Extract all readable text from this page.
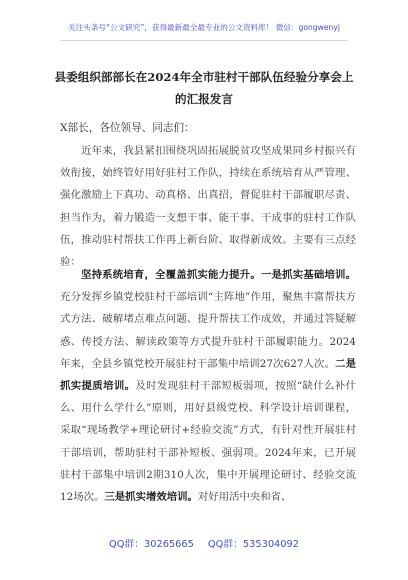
关注头条号“公文研究”，获得最新最全最专业的公文资料库！ 微信：gongwenyj
县委组织部部长在2024年全市驻村干部队伍经验分享会上
的汇报发言
X部长，各位领导、同志们：
近年来，我县紧扣围绕巩固拓展脱贫攻坚成果同乡村振兴有效衔接，始终管好用好驻村工作队，持续在系统培育从严管理、强化激励上下真功、动真格、出真招，督促驻村干部履职尽责、担当作为，着力锻造一支想干事、能干事、干成事的驻村工作队伍，推动驻村帮扶工作再上新台阶、取得新成效。主要有三点经验：
坚持系统培育，全覆盖抓实能力提升。一是抓实基础培训。充分发挥乡镇党校驻村干部培训“主阵地”作用，聚焦丰富帮扶方式方法、破解堵点难点问题、提升帮扶工作成效，并通过答疑解惑、传授方法、解读政策等方式提升驻村干部履职能力。2024年来，全县乡镇党校开展驻村干部集中培训27次627人次。二是抓实提质培训。及时发现驻村干部短板弱项，按照“缺什么补什么、用什么学什么”原则，用好县级党校、科学设计培训课程，采取“现场教学+理论研讨+经验交流”方式，有针对性开展驻村干部培训，帮助驻村干部补短板、强弱项。2024年来，已开展驻村干部集中培训2期310人次，集中开展理论研讨、经验交流12场次。三是抓实增效培训。对好用活中央和省、
QQ群：30265665 QQ群：535304092
